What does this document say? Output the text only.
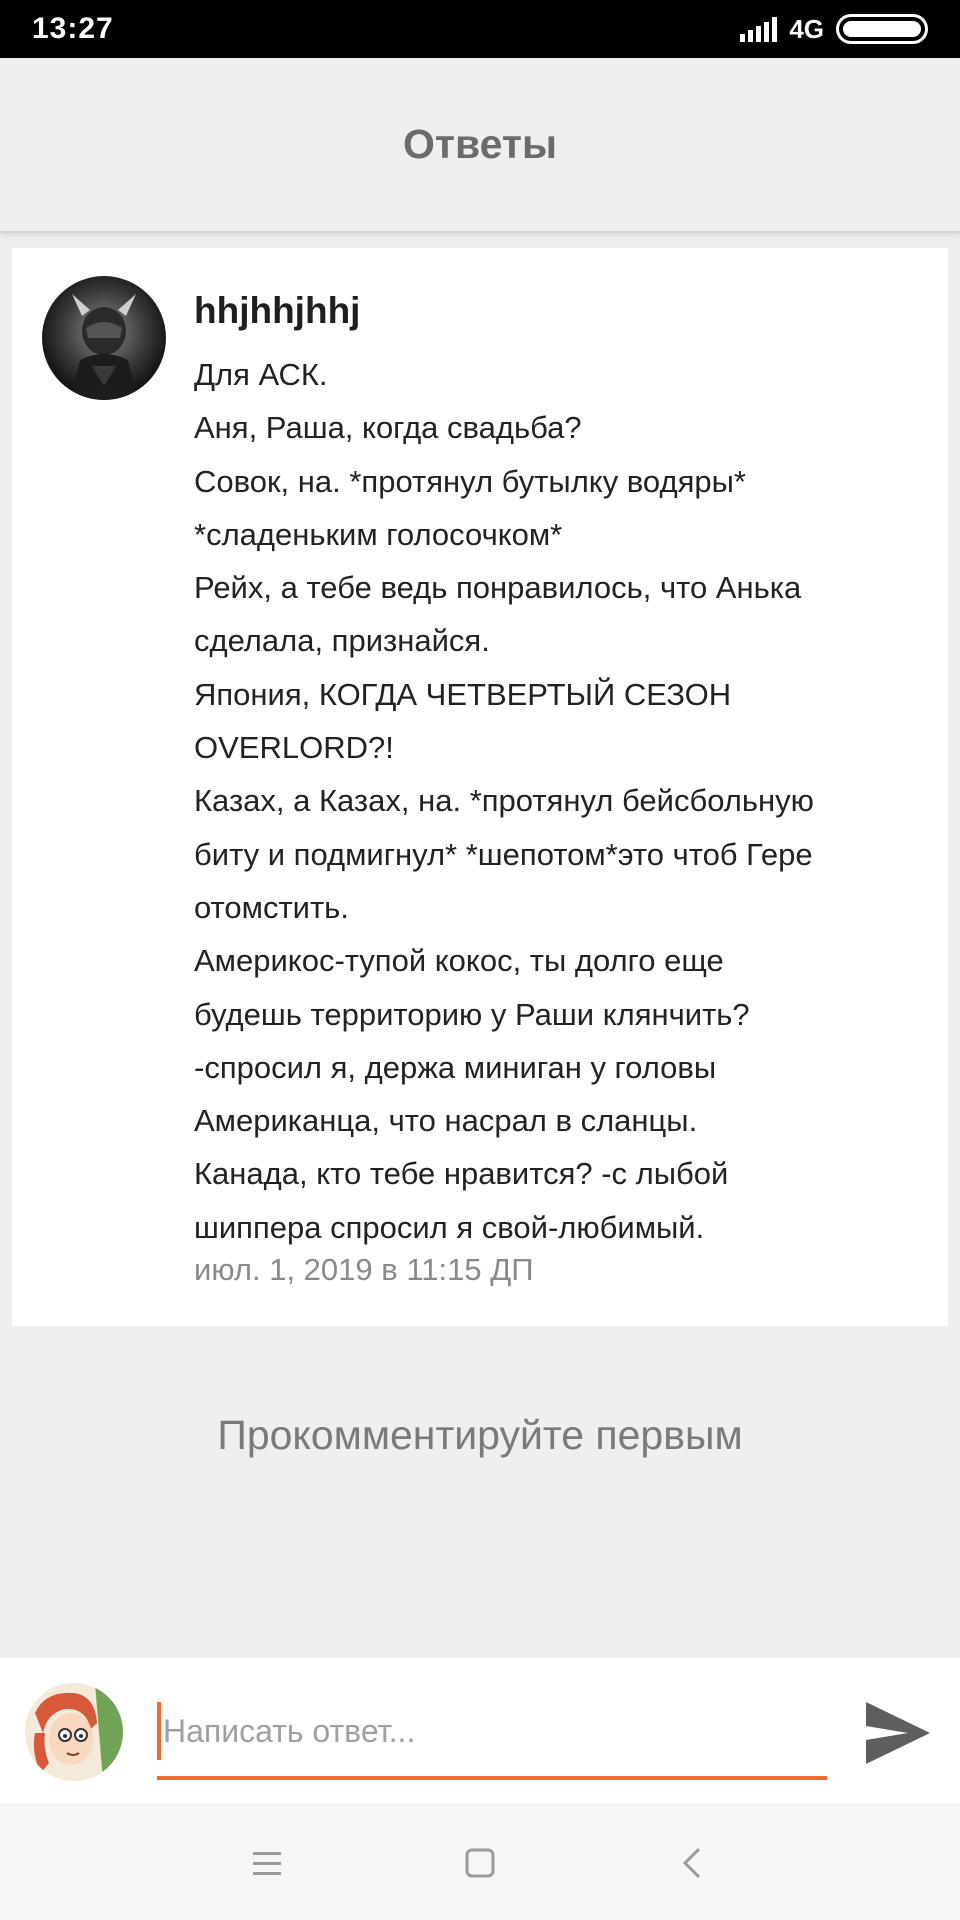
13:27	4G
Ответы
hhjhhjhhj
Для АСК.
Аня, Раша, когда свадьба?
Совок, на. *протянул бутылку водяры*
*сладеньким голосочком*
Рейх, а тебе ведь понравилось, что Анька
сделала, признайся.
Япония, КОГДА ЧЕТВЕРТЫЙ СЕЗОН
OVERLORD?!
Казах, а Казах, на. *протянул бейсбольную
биту и подмигнул* *шепотом*это чтоб Гере
отомстить.
Америкос-тупой кокос, ты долго еще
будешь территорию у Раши клянчить?
-спросил я, держа миниган у головы
Американца, что насрал в сланцы.
Канада, кто тебе нравится? -с лыбой
шиппера спросил я свой-любимый.
июл. 1, 2019 в 11:15 ДП
Прокомментируйте первым
Написать ответ...
